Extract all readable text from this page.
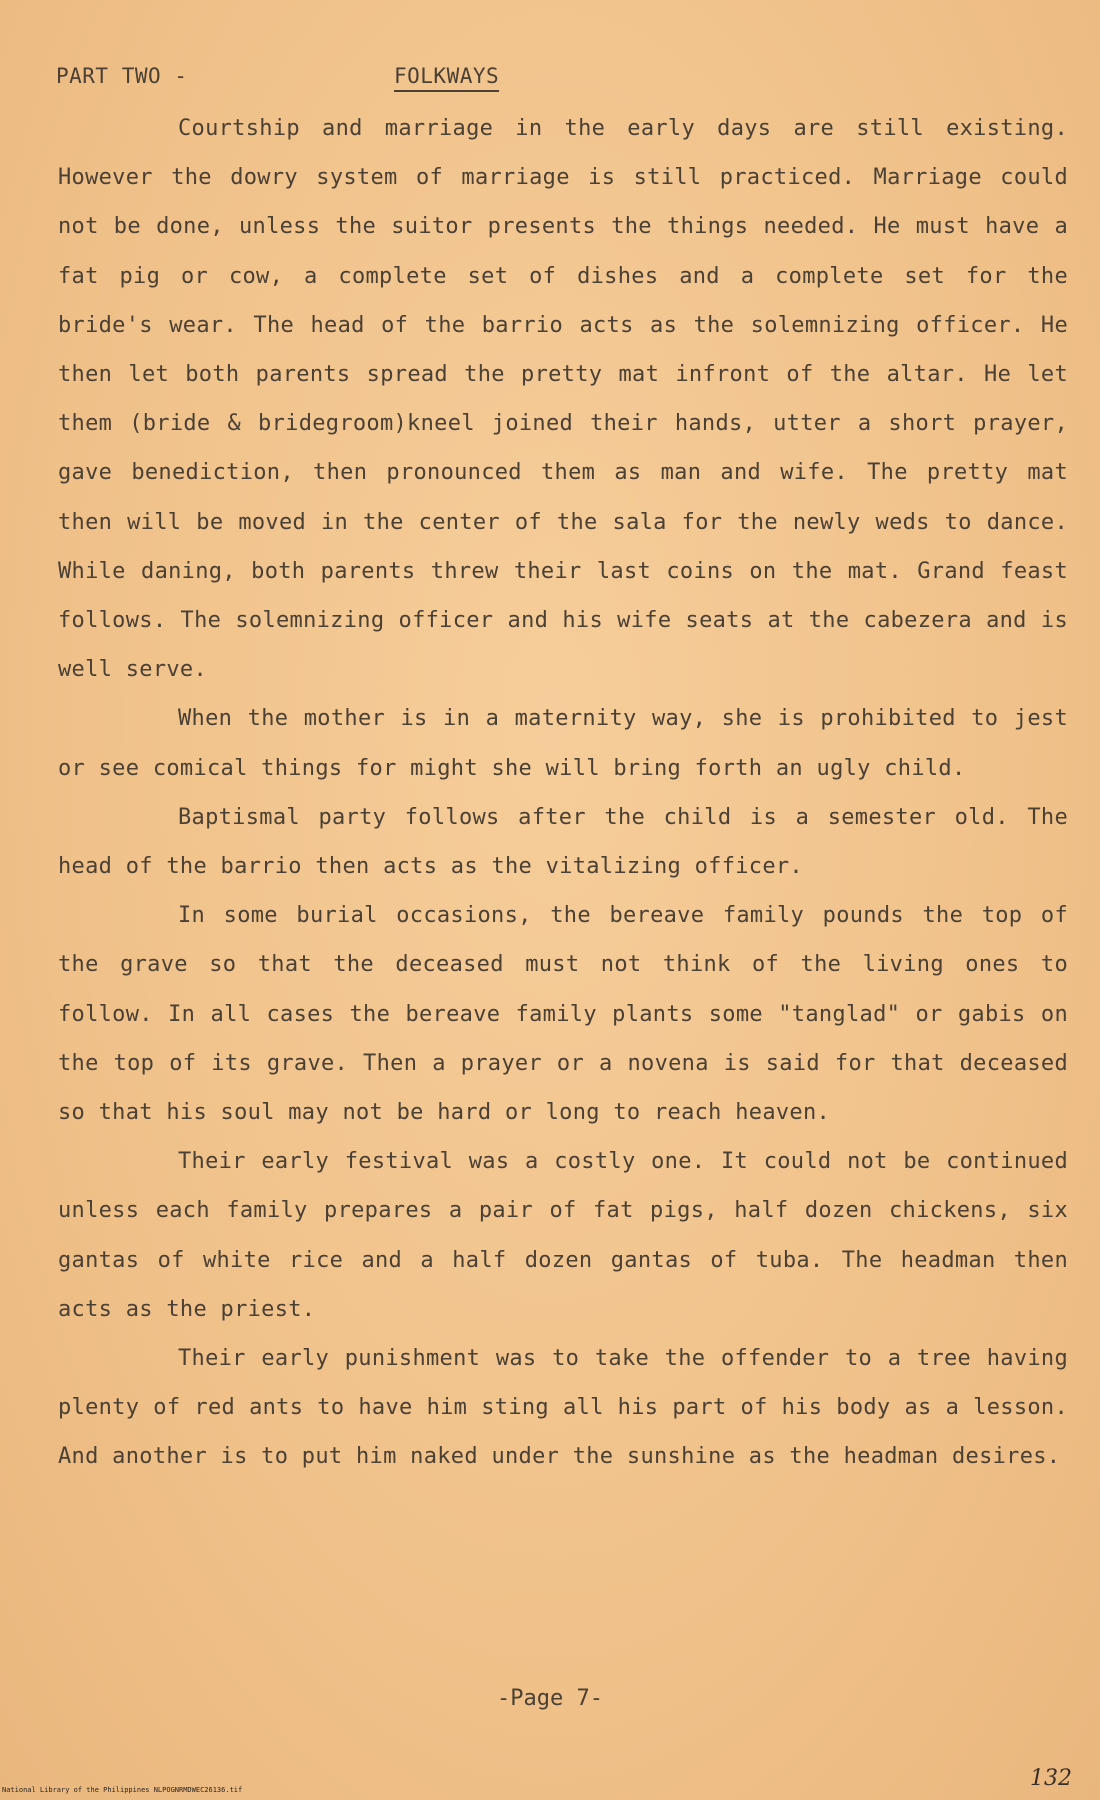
PART TWO -	FOLKWAYS

Courtship and marriage in the early days are still existing. However the dowry system of marriage is still practiced. Marriage could not be done, unless the suitor presents the things needed. He must have a fat pig or cow, a complete set of dishes and a complete set for the bride's wear. The head of the barrio acts as the solemnizing officer. He then let both parents spread the pretty mat infront of the altar. He let them (bride & bridegroom)kneel joined their hands, utter a short prayer, gave benediction, then pronounced them as man and wife. The pretty mat then will be moved in the center of the sala for the newly weds to dance. While daning, both parents threw their last coins on the mat. Grand feast follows. The solemnizing officer and his wife seats at the cabezera and is well serve.

When the mother is in a maternity way, she is prohibited to jest or see comical things for might she will bring forth an ugly child.

Baptismal party follows after the child is a semester old. The head of the barrio then acts as the vitalizing officer.

In some burial occasions, the bereave family pounds the top of the grave so that the deceased must not think of the living ones to follow. In all cases the bereave family plants some "tanglad" or gabis on the top of its grave. Then a prayer or a novena is said for that deceased so that his soul may not be hard or long to reach heaven.

Their early festival was a costly one. It could not be continued unless each family prepares a pair of fat pigs, half dozen chickens, six gantas of white rice and a half dozen gantas of tuba. The headman then acts as the priest.

Their early punishment was to take the offender to a tree having plenty of red ants to have him sting all his part of his body as a lesson. And another is to put him naked under the sunshine as the headman desires.

-Page 7-
National Library of the Philippines NLPOGNRMDWEC26136.tif	132
